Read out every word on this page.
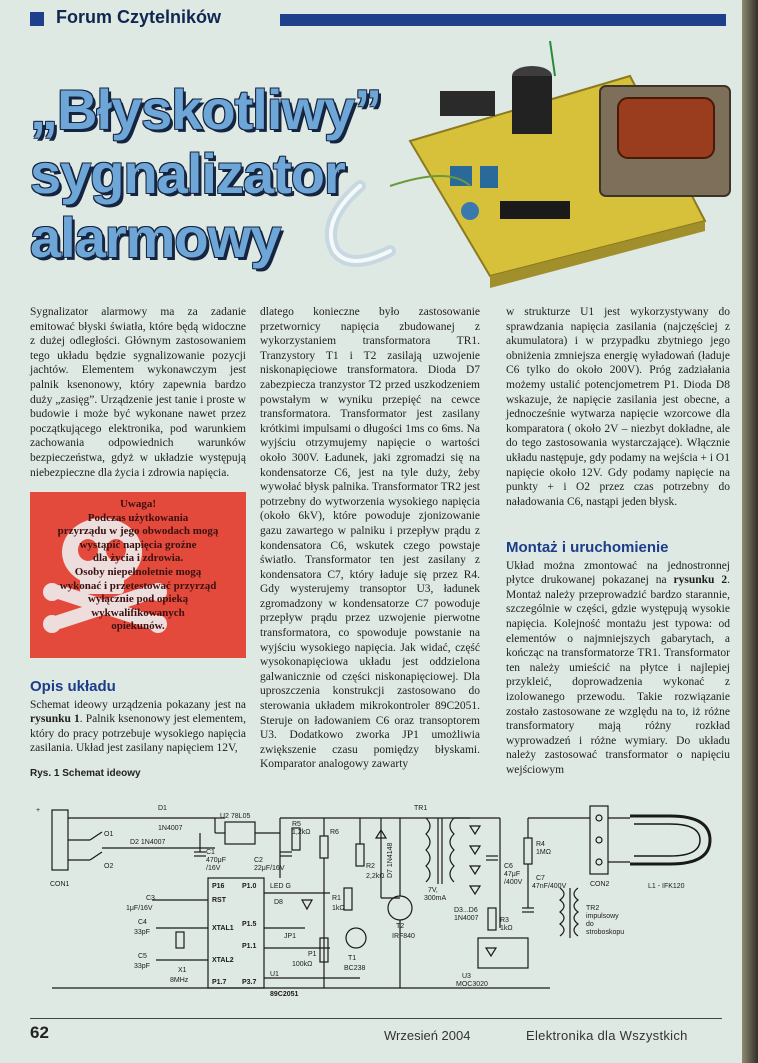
Forum Czytelników
„Błyskotliwy”
sygnalizator
alarmowy

Sygnalizator alarmowy ma za zadanie emitować błyski światła, które będą widoczne z dużej odległości. Głównym zastosowaniem tego układu będzie sygnalizowanie pozycji jachtów. Elementem wykonawczym jest palnik ksenonowy, który zapewnia bardzo duży „zasięg”. Urządzenie jest tanie i proste w budowie i może być wykonane nawet przez początkującego elektronika, pod warunkiem zachowania odpowiednich warunków bezpieczeństwa, gdyż w układzie występują niebezpieczne dla życia i zdrowia napięcia.

Uwaga!
Podczas użytkowania
przyrządu w jego obwodach mogą
wystąpić napięcia groźne
dla życia i zdrowia.
Osoby niepełnoletnie mogą
wykonać i przetestować przyrząd
wyłącznie pod opieką
wykwalifikowanych
opiekunów.
Opis układu

Schemat ideowy urządzenia pokazany jest na rysunku 1. Palnik ksenonowy jest elementem, który do pracy potrzebuje wysokiego napięcia zasilania. Układ jest zasilany napięciem 12V,

dlatego konieczne było zastosowanie przetwornicy napięcia zbudowanej z wykorzystaniem transformatora TR1. Tranzystory T1 i T2 zasilają uzwojenie niskonapięciowe transformatora. Dioda D7 zabezpiecza tranzystor T2 przed uszkodzeniem powstałym w wyniku przepięć na cewce transformatora. Transformator jest zasilany krótkimi impulsami o długości 1ms co 6ms. Na wyjściu otrzymujemy napięcie o wartości około 300V. Ładunek, jaki zgromadzi się na kondensatorze C6, jest na tyle duży, żeby wywołać błysk palnika. Transformator TR2 jest potrzebny do wytworzenia wysokiego napięcia (około 6kV), które powoduje zjonizowanie gazu zawartego w palniku i przepływ prądu z kondensatora C6, wskutek czego powstaje światło. Transformator ten jest zasilany z kondensatora C7, który ładuje się przez R4. Gdy wysterujemy transoptor U3, ładunek zgromadzony w kondensatorze C7 powoduje przepływ prądu przez uzwojenie pierwotne transformatora, co spowoduje powstanie na wyjściu wysokiego napięcia. Jak widać, część wysokonapięciowa układu jest oddzielona galwanicznie od części niskonapięciowej. Dla uproszczenia konstrukcji zastosowano do sterowania układem mikrokontroler 89C2051. Steruje on ładowaniem C6 oraz transoptorem U3. Dodatkowo zworka JP1 umożliwia zwiększenie czasu pomiędzy błyskami. Komparator analogowy zawarty

w strukturze U1 jest wykorzystywany do sprawdzania napięcia zasilania (najczęściej z akumulatora) i w przypadku zbytniego jego obniżenia zmniejsza energię wyładowań (ładuje C6 tylko do około 200V). Próg zadziałania możemy ustalić potencjometrem P1. Dioda D8 wskazuje, że napięcie zasilania jest obecne, a jednocześnie wytwarza napięcie wzorcowe dla komparatora ( około 2V – niezbyt dokładne, ale do tego zastosowania wystarczające). Włącznie układu następuje, gdy podamy na wejścia + i O1 napięcie około 12V. Gdy podamy napięcie na punkty + i O2 przez czas potrzebny do naładowania C6, nastąpi jeden błysk.

Montaż i uruchomienie

Układ można zmontować na jednostronnej płytce drukowanej pokazanej na rysunku 2. Montaż należy przeprowadzić bardzo starannie, szczególnie w części, gdzie występują wysokie napięcia. Kolejność montażu jest typowa: od elementów o najmniejszych gabarytach, a kończąc na transformatorze TR1. Transformator ten należy umieścić na płytce i najlepiej przykleić, doprowadzenia wykonać z izolowanego przewodu. Takie rozwiązanie zostało zastosowane ze względu na to, iż różne transformatory mają różny rozkład wyprowadzeń i różne wymiary. Do układu należy zastosować transformator o napięciu wejściowym

Rys. 1 Schemat ideowy
+
CON1
O1
O2
D1
1N4007
D2 1N4007
U2 78L05
C1
470μF
/16V
C2
22μF/16V
R5
1,2kΩ	R6
LED G
D8
JP1
P16
RST
XTAL1
XTAL2
P1.7
P1.0
P1.5
P1.1
P3.7
U1
89C2051
C3
1μF/16V
C4
33pF
C5
33pF
X1
8MHz
P1
100kΩ
R1
1kΩ
T1
BC238
R2
2,2kΩ
T2
IRF840
D7 1N4148
TR1
7V,
300mA
D3...D6
1N4007
C6
47μF
/400V
R3
1kΩ
U3
MOC3020
R4
1MΩ
C7
47nF/400V	CON2
TR2
impulsowy
do
stroboskopu
L1 - IFK120
62	Wrzesień 2004	Elektronika dla Wszystkich
